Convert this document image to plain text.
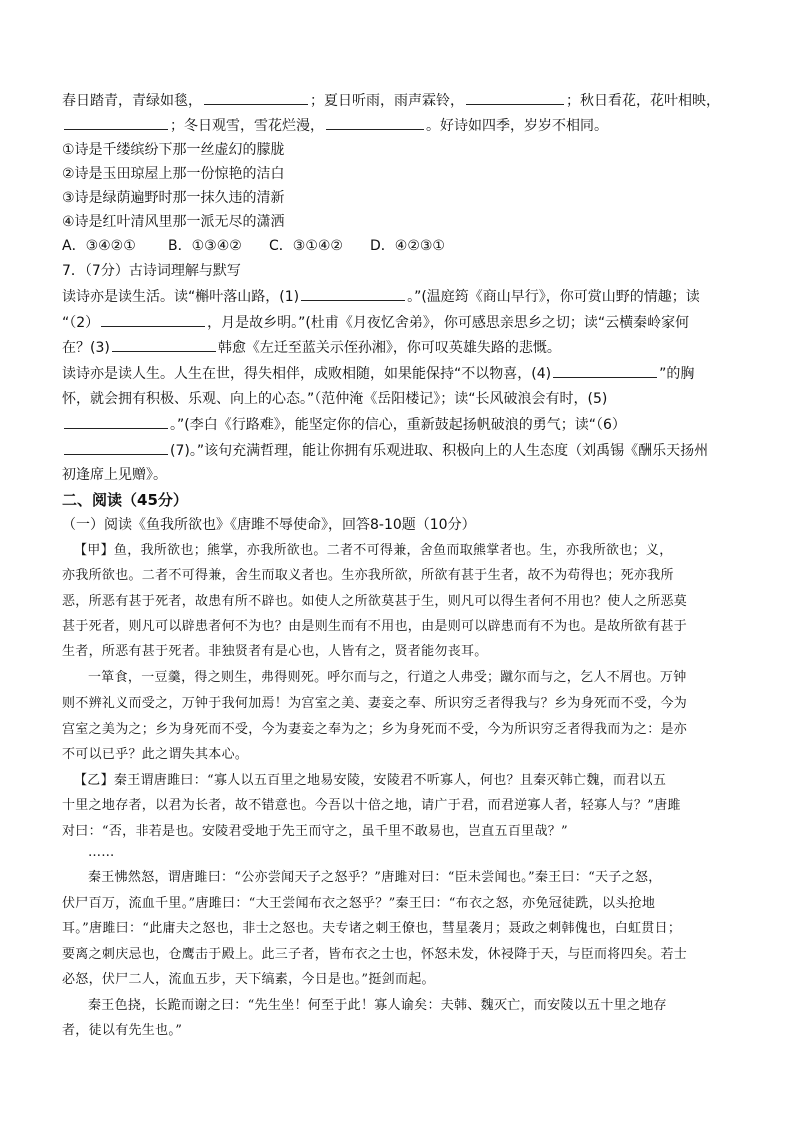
春日踏青，青绿如毯，	；夏日听雨，雨声霖铃，	；秋日看花，花叶相映，
；冬日观雪，雪花烂漫，	。好诗如四季，岁岁不相同。
①诗是千缕缤纷下那一丝虚幻的朦胧
②诗是玉田琼屋上那一份惊艳的洁白
③诗是绿荫遍野时那一抹久违的清新
④诗是红叶清风里那一派无尽的潇洒
A．③④②① B．①③④② C．③①④② D．④②③①
7．（7分）古诗词理解与默写
读诗亦是读生活。读“槲叶落山路，(1)	。”(温庭筠《商山早行》，你可赏山野的情趣；读
“（2）	，月是故乡明。”(杜甫《月夜忆舍弟》，你可感思亲思乡之切；读“云横秦岭家何
在？(3)	韩愈《左迁至蓝关示侄孙湘》，你可叹英雄失路的悲慨。
读诗亦是读人生。人生在世，得失相伴，成败相随，如果能保持“不以物喜，(4)	”的胸
怀，就会拥有积极、乐观、向上的心态。”（范仲淹《岳阳楼记》；读“长风破浪会有时，(5)
。”(李白《行路难》，能坚定你的信心，重新鼓起扬帆破浪的勇气；读“（6）
(7)。”该句充满哲理，能让你拥有乐观进取、积极向上的人生态度（刘禹锡《酬乐天扬州
初逢席上见赠》。
二、阅读（45分）
（一）阅读《鱼我所欲也》《唐雎不辱使命》，回答8-10题（10分）
【甲】鱼，我所欲也；熊掌，亦我所欲也。二者不可得兼，舍鱼而取熊掌者也。生，亦我所欲也；义，
亦我所欲也。二者不可得兼，舍生而取义者也。生亦我所欲，所欲有甚于生者，故不为苟得也；死亦我所
恶，所恶有甚于死者，故患有所不辟也。如使人之所欲莫甚于生，则凡可以得生者何不用也？使人之所恶莫
甚于死者，则凡可以辟患者何不为也？由是则生而有不用也，由是则可以辟患而有不为也。是故所欲有甚于
生者，所恶有甚于死者。非独贤者有是心也，人皆有之，贤者能勿丧耳。
一箪食，一豆羹，得之则生，弗得则死。呼尔而与之，行道之人弗受；蹴尔而与之，乞人不屑也。万钟
则不辨礼义而受之，万钟于我何加焉！为宫室之美、妻妾之奉、所识穷乏者得我与？乡为身死而不受，今为
宫室之美为之；乡为身死而不受，今为妻妾之奉为之；乡为身死而不受，今为所识穷乏者得我而为之：是亦
不可以已乎？此之谓失其本心。
【乙】秦王谓唐雎曰：“寡人以五百里之地易安陵，安陵君不听寡人，何也？且秦灭韩亡魏，而君以五
十里之地存者，以君为长者，故不错意也。今吾以十倍之地，请广于君，而君逆寡人者，轻寡人与？”唐雎
对曰：“否，非若是也。安陵君受地于先王而守之，虽千里不敢易也，岂直五百里哉？”
……
秦王怫然怒，谓唐雎曰：“公亦尝闻天子之怒乎？”唐雎对曰：“臣未尝闻也。”秦王曰：“天子之怒，
伏尸百万，流血千里。”唐雎曰：“大王尝闻布衣之怒乎？”秦王曰：“布衣之怒，亦免冠徒跣，以头抢地
耳。”唐雎曰：“此庸夫之怒也，非士之怒也。夫专诸之刺王僚也，彗星袭月；聂政之刺韩傀也，白虹贯日；
要离之刺庆忌也，仓鹰击于殿上。此三子者，皆布衣之士也，怀怒未发，休祲降于天，与臣而将四矣。若士
必怒，伏尸二人，流血五步，天下缟素，今日是也。”挺剑而起。
秦王色挠，长跪而谢之曰：“先生坐！何至于此！寡人谕矣：夫韩、魏灭亡，而安陵以五十里之地存
者，徒以有先生也。”
